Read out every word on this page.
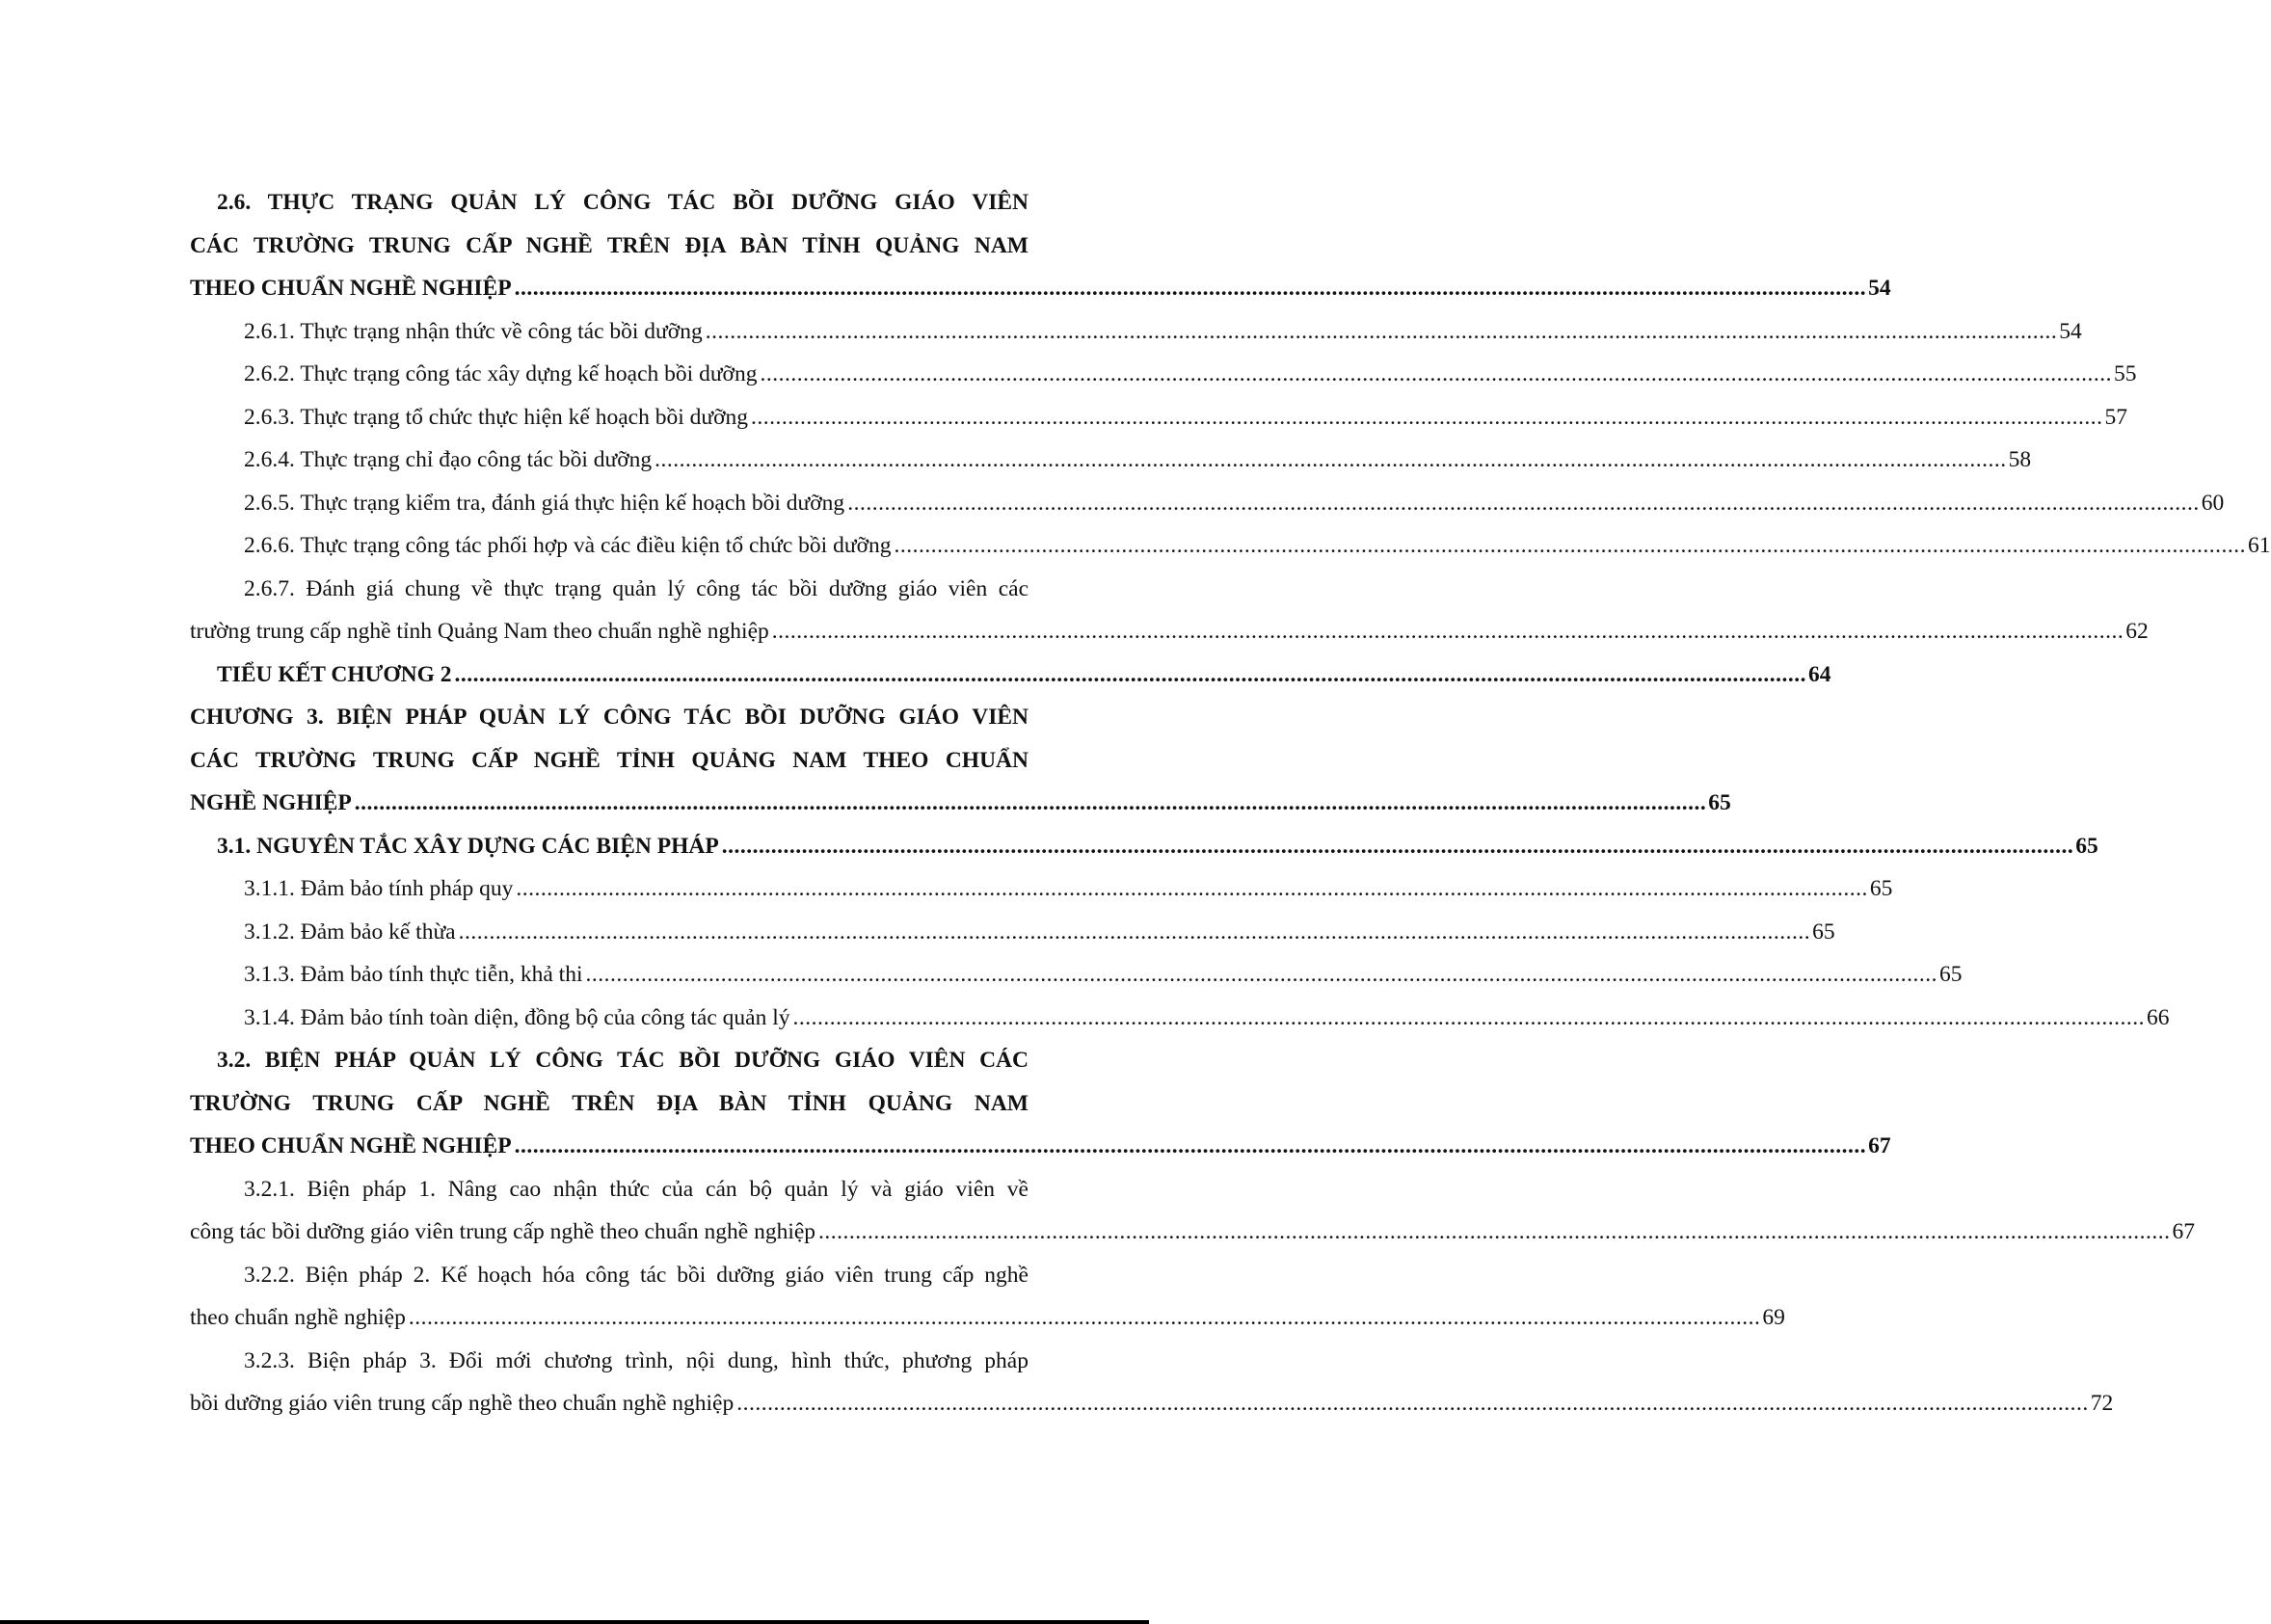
2.6. THỰC TRẠNG QUẢN LÝ CÔNG TÁC BỒI DƯỠNG GIÁO VIÊN
CÁC TRƯỜNG TRUNG CẤP NGHỀ TRÊN ĐỊA BÀN TỈNH QUẢNG NAM
THEO CHUẨN NGHỀ NGHIỆP ............................................................................................................................................................................................................................ 54
2.6.1. Thực trạng nhận thức về công tác bồi dưỡng ............................................................................................................................................................................................................................ 54
2.6.2. Thực trạng công tác xây dựng kế hoạch bồi dưỡng ............................................................................................................................................................................................................................ 55
2.6.3. Thực trạng tổ chức thực hiện kế hoạch bồi dưỡng ............................................................................................................................................................................................................................ 57
2.6.4. Thực trạng chỉ đạo công tác bồi dưỡng ............................................................................................................................................................................................................................ 58
2.6.5. Thực trạng kiểm tra, đánh giá thực hiện kế hoạch bồi dưỡng ............................................................................................................................................................................................................................ 60
2.6.6. Thực trạng công tác phối hợp và các điều kiện tổ chức bồi dưỡng ............................................................................................................................................................................................................................ 61
2.6.7. Đánh giá chung về thực trạng quản lý công tác bồi dưỡng giáo viên các
trường trung cấp nghề tỉnh Quảng Nam theo chuẩn nghề nghiệp ............................................................................................................................................................................................................................ 62
TIỂU KẾT CHƯƠNG 2 ............................................................................................................................................................................................................................ 64
CHƯƠNG 3. BIỆN PHÁP QUẢN LÝ CÔNG TÁC BỒI DƯỠNG GIÁO VIÊN
CÁC TRƯỜNG TRUNG CẤP NGHỀ TỈNH QUẢNG NAM THEO CHUẨN
NGHỀ NGHIỆP ............................................................................................................................................................................................................................ 65
3.1. NGUYÊN TẮC XÂY DỰNG CÁC BIỆN PHÁP ............................................................................................................................................................................................................................ 65
3.1.1. Đảm bảo tính pháp quy ............................................................................................................................................................................................................................ 65
3.1.2. Đảm bảo kế thừa ............................................................................................................................................................................................................................ 65
3.1.3. Đảm bảo tính thực tiễn, khả thi ............................................................................................................................................................................................................................ 65
3.1.4. Đảm bảo tính toàn diện, đồng bộ của công tác quản lý ............................................................................................................................................................................................................................ 66
3.2. BIỆN PHÁP QUẢN LÝ CÔNG TÁC BỒI DƯỠNG GIÁO VIÊN CÁC
TRƯỜNG TRUNG CẤP NGHỀ TRÊN ĐỊA BÀN TỈNH QUẢNG NAM
THEO CHUẨN NGHỀ NGHIỆP ............................................................................................................................................................................................................................ 67
3.2.1. Biện pháp 1. Nâng cao nhận thức của cán bộ quản lý và giáo viên về
công tác bồi dưỡng giáo viên trung cấp nghề theo chuẩn nghề nghiệp ............................................................................................................................................................................................................................ 67
3.2.2. Biện pháp 2. Kế hoạch hóa công tác bồi dưỡng giáo viên trung cấp nghề
theo chuẩn nghề nghiệp ............................................................................................................................................................................................................................ 69
3.2.3. Biện pháp 3. Đổi mới chương trình, nội dung, hình thức, phương pháp
bồi dưỡng giáo viên trung cấp nghề theo chuẩn nghề nghiệp ............................................................................................................................................................................................................................ 72
